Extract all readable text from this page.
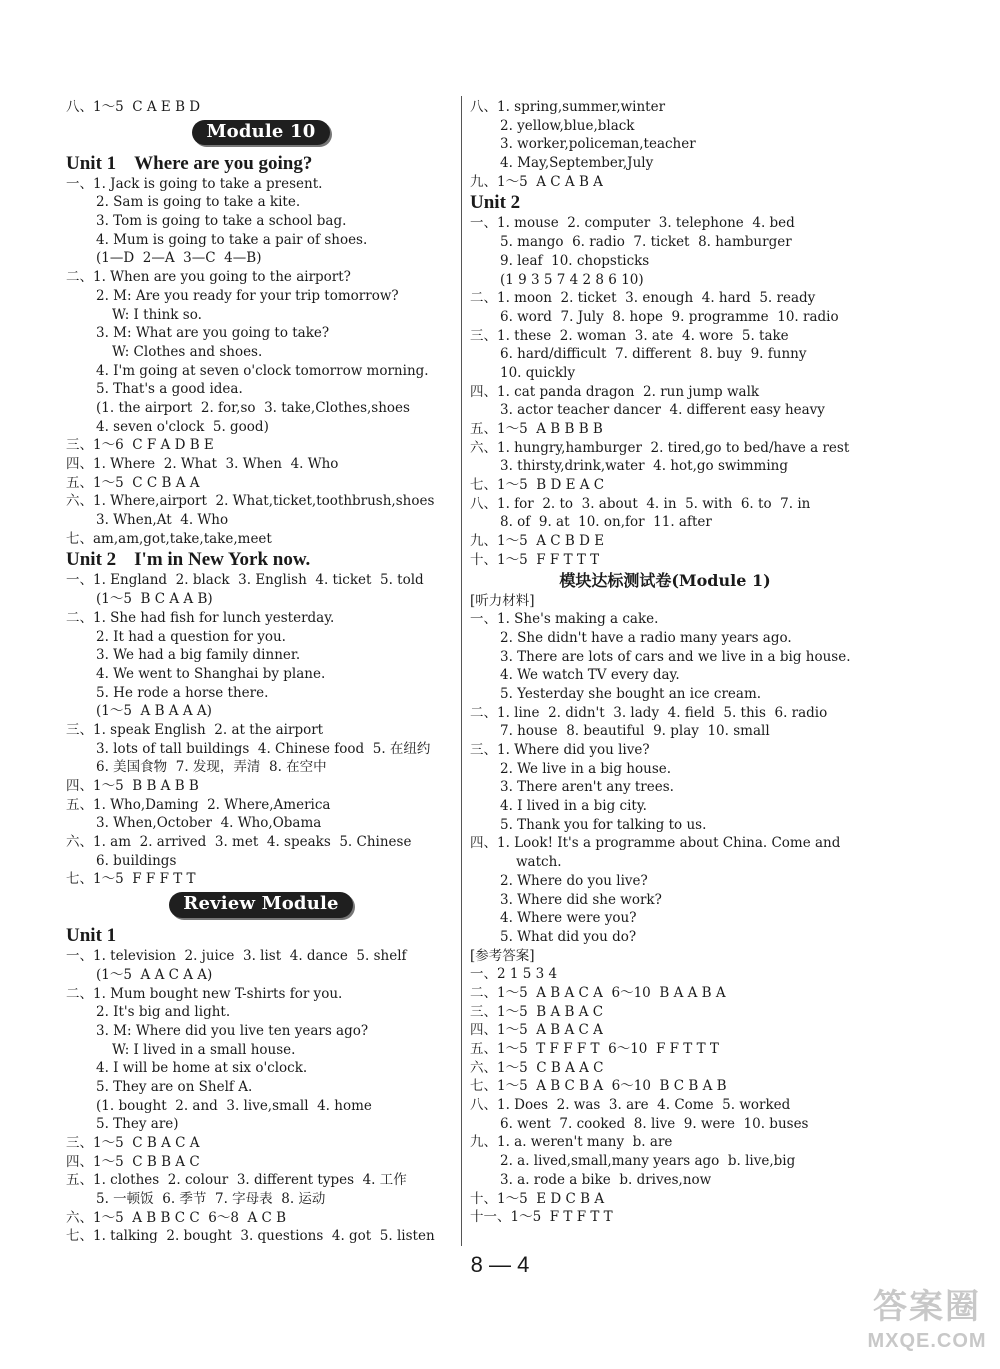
八、1～5  C A E B D
Module 10
Unit 1 Where are you going?
一、1. Jack is going to take a present.
2. Sam is going to take a kite.
3. Tom is going to take a school bag.
4. Mum is going to take a pair of shoes.
(1—D  2—A  3—C  4—B)
二、1. When are you going to the airport?
2. M: Are you ready for your trip tomorrow?
W: I think so.
3. M: What are you going to take?
W: Clothes and shoes.
4. I'm going at seven o'clock tomorrow morning.
5. That's a good idea.
(1. the airport  2. for,so  3. take,Clothes,shoes
4. seven o'clock  5. good)
三、1～6  C F A D B E
四、1. Where  2. What  3. When  4. Who
五、1～5  C C B A A
六、1. Where,airport  2. What,ticket,toothbrush,shoes
3. When,At  4. Who
七、am,am,got,take,take,meet
Unit 2 I'm in New York now.
一、1. England  2. black  3. English  4. ticket  5. told
(1～5  B C A A B)
二、1. She had fish for lunch yesterday.
2. It had a question for you.
3. We had a big family dinner.
4. We went to Shanghai by plane.
5. He rode a horse there.
(1～5  A B A A A)
三、1. speak English  2. at the airport
3. lots of tall buildings  4. Chinese food  5. 在纽约
6. 美国食物  7. 发现，弄清  8. 在空中
四、1～5  B B A B B
五、1. Who,Daming  2. Where,America
3. When,October  4. Who,Obama
六、1. am  2. arrived  3. met  4. speaks  5. Chinese
6. buildings
七、1～5  F F F T T
Review Module
Unit 1
一、1. television  2. juice  3. list  4. dance  5. shelf
(1～5  A A C A A)
二、1. Mum bought new T-shirts for you.
2. It's big and light.
3. M: Where did you live ten years ago?
W: I lived in a small house.
4. I will be home at six o'clock.
5. They are on Shelf A.
(1. bought  2. and  3. live,small  4. home
5. They are)
三、1～5  C B A C A
四、1～5  C B B A C
五、1. clothes  2. colour  3. different types  4. 工作
5. 一顿饭  6. 季节  7. 字母表  8. 运动
六、1～5  A B B C C  6～8  A C B
七、1. talking  2. bought  3. questions  4. got  5. listen
八、1. spring,summer,winter
2. yellow,blue,black
3. worker,policeman,teacher
4. May,September,July
九、1～5  A C A B A
Unit 2
一、1. mouse  2. computer  3. telephone  4. bed
5. mango  6. radio  7. ticket  8. hamburger
9. leaf  10. chopsticks
(1 9 3 5 7 4 2 8 6 10)
二、1. moon  2. ticket  3. enough  4. hard  5. ready
6. word  7. July  8. hope  9. programme  10. radio
三、1. these  2. woman  3. ate  4. wore  5. take
6. hard/difficult  7. different  8. buy  9. funny
10. quickly
四、1. cat panda dragon  2. run jump walk
3. actor teacher dancer  4. different easy heavy
五、1～5  A B B B B
六、1. hungry,hamburger  2. tired,go to bed/have a rest
3. thirsty,drink,water  4. hot,go swimming
七、1～5  B D E A C
八、1. for  2. to  3. about  4. in  5. with  6. to  7. in
8. of  9. at  10. on,for  11. after
九、1～5  A C B D E
十、1～5  F F T T T
模块达标测试卷(Module 1)
[听力材料]
一、1. She's making a cake.
2. She didn't have a radio many years ago.
3. There are lots of cars and we live in a big house.
4. We watch TV every day.
5. Yesterday she bought an ice cream.
二、1. line  2. didn't  3. lady  4. field  5. this  6. radio
7. house  8. beautiful  9. play  10. small
三、1. Where did you live?
2. We live in a big house.
3. There aren't any trees.
4. I lived in a big city.
5. Thank you for talking to us.
四、1. Look! It's a programme about China. Come and
watch.
2. Where do you live?
3. Where did she work?
4. Where were you?
5. What did you do?
[参考答案]
一、2 1 5 3 4
二、1～5  A B A C A  6～10  B A A B A
三、1～5  B A B A C
四、1～5  A B A C A
五、1～5  T F F F T  6～10  F F T T T
六、1～5  C B A A C
七、1～5  A B C B A  6～10  B C B A B
八、1. Does  2. was  3. are  4. Come  5. worked
6. went  7. cooked  8. live  9. were  10. buses
九、1. a. weren't many  b. are
2. a. lived,small,many years ago  b. live,big
3. a. rode a bike  b. drives,now
十、1～5  E D C B A
十一、1～5  F T F T T
8 — 4
答案圈
MXQE.COM
